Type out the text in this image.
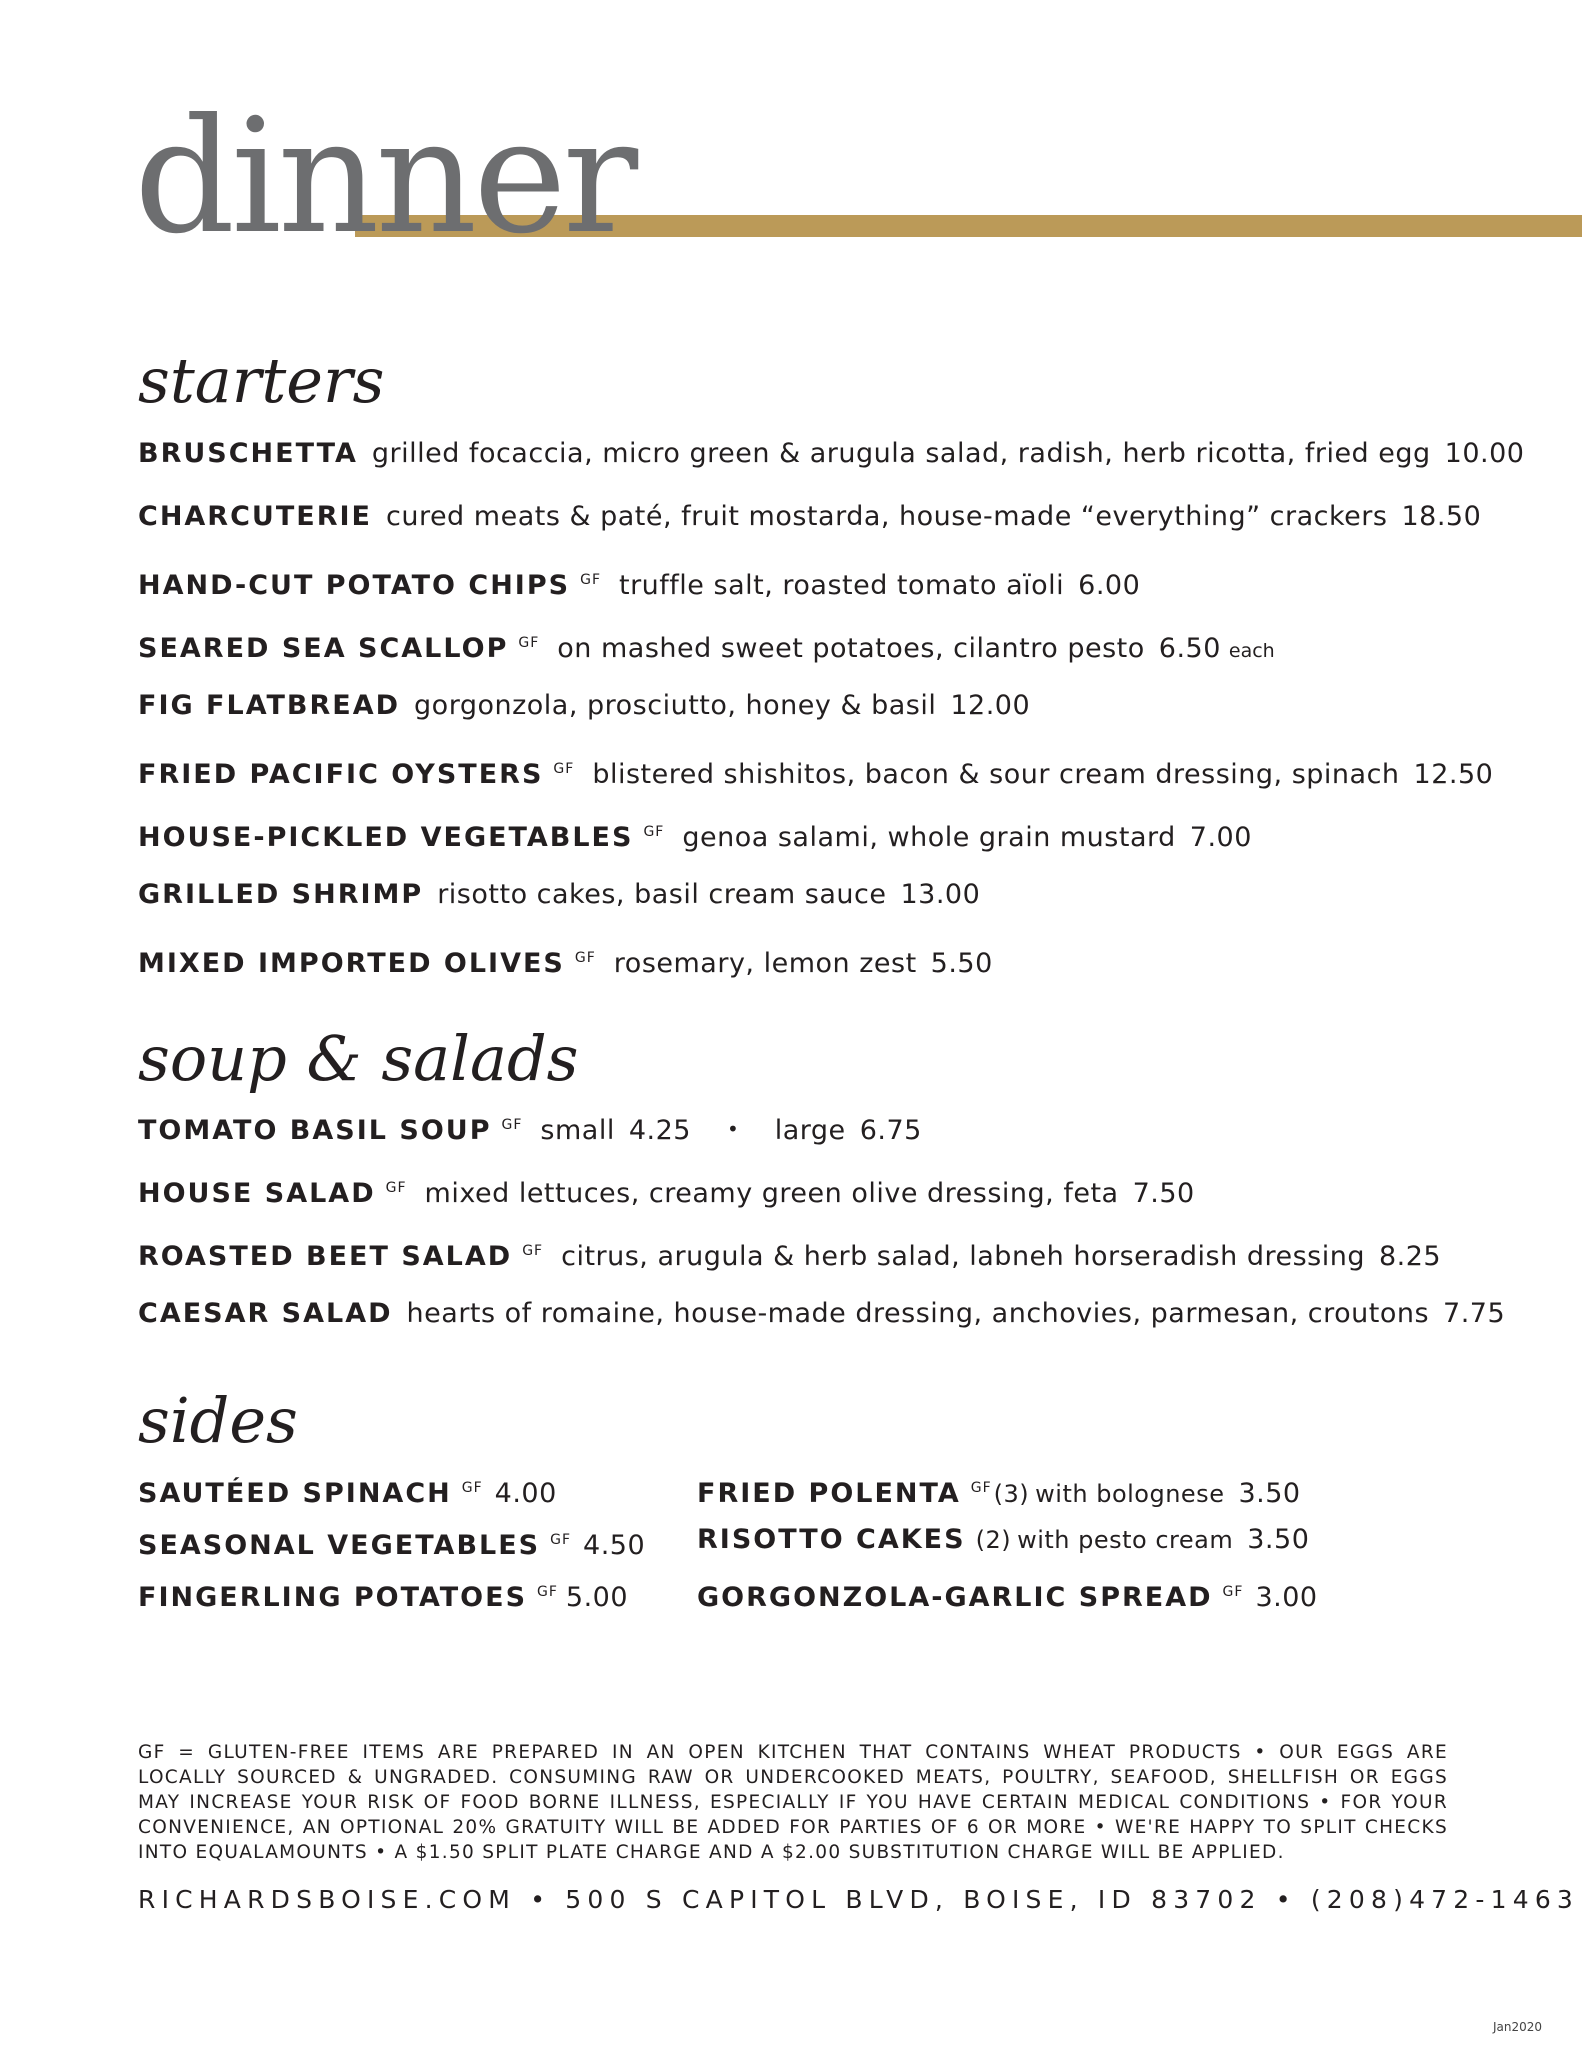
dinner
starters
BRUSCHETTA grilled focaccia, micro green & arugula salad, radish, herb ricotta, fried egg 10.00
CHARCUTERIE cured meats & paté, fruit mostarda, house-made “everything” crackers 18.50
HAND-CUT POTATO CHIPS $^{GF}$ truffle salt, roasted tomato aïoli 6.00
SEARED SEA SCALLOP $^{GF}$ on mashed sweet potatoes, cilantro pesto 6.50 each
FIG FLATBREAD gorgonzola, prosciutto, honey & basil 12.00
FRIED PACIFIC OYSTERS $^{GF}$ blistered shishitos, bacon & sour cream dressing, spinach 12.50
HOUSE-PICKLED VEGETABLES $^{GF}$ genoa salami, whole grain mustard 7.00
GRILLED SHRIMP risotto cakes, basil cream sauce 13.00
MIXED IMPORTED OLIVES $^{GF}$ rosemary, lemon zest 5.50
soup & salads
TOMATO BASIL SOUP $^{GF}$ small 4.25 • large 6.75
HOUSE SALAD $^{GF}$ mixed lettuces, creamy green olive dressing, feta 7.50
ROASTED BEET SALAD $^{GF}$ citrus, arugula & herb salad, labneh horseradish dressing 8.25
CAESAR SALAD hearts of romaine, house-made dressing, anchovies, parmesan, croutons 7.75
sides
SAUTÉED SPINACH $^{GF}$ 4.00
SEASONAL VEGETABLES $^{GF}$ 4.50
FINGERLING POTATOES $^{GF}$ 5.00
FRIED POLENTA $^{GF}$(3) with bolognese 3.50
RISOTTO CAKES (2) with pesto cream 3.50
GORGONZOLA-GARLIC SPREAD $^{GF}$ 3.00

GF = GLUTEN-FREE ITEMS ARE PREPARED IN AN OPEN KITCHEN THAT CONTAINS WHEAT PRODUCTS • OUR EGGS ARE LOCALLY SOURCED & UNGRADED. CONSUMING RAW OR UNDERCOOKED MEATS, POULTRY, SEAFOOD, SHELLFISH OR EGGS MAY INCREASE YOUR RISK OF FOOD BORNE ILLNESS, ESPECIALLY IF YOU HAVE CERTAIN MEDICAL CONDITIONS • FOR YOUR CONVENIENCE, AN OPTIONAL 20% GRATUITY WILL BE ADDED FOR PARTIES OF 6 OR MORE • WE'RE HAPPY TO SPLIT CHECKS INTO EQUALAMOUNTS • A $1.50 SPLIT PLATE CHARGE AND A $2.00 SUBSTITUTION CHARGE WILL BE APPLIED.

RICHARDSBOISE.COM • 500 S CAPITOL BLVD, BOISE, ID 83702 • (208)472-1463

Jan2020
